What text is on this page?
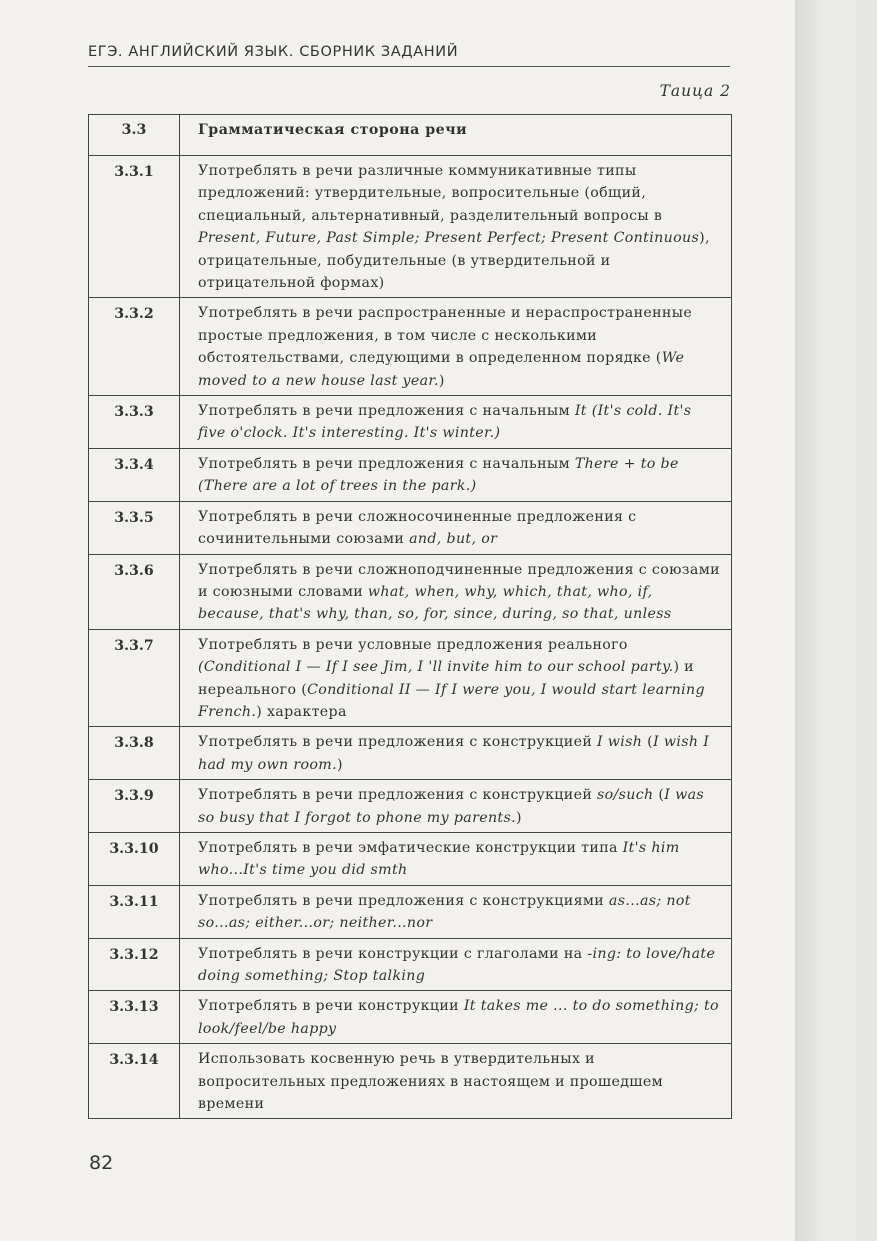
ЕГЭ. АНГЛИЙСКИЙ ЯЗЫК. СБОРНИК ЗАДАНИЙ
Таица 2
3.3	Грамматическая сторона речи
3.3.1	Употреблять в речи различные коммуникативные типы предложений: утвердительные, вопросительные (общий, специальный, альтернативный, разделительный вопросы в Present, Future, Past Simple; Present Perfect; Present Continuous), отрицательные, побудительные (в утвердительной и отрицательной формах)
3.3.2	Употреблять в речи распространенные и нераспространенные простые предложения, в том числе с несколькими обстоятельствами, следующими в определенном порядке (We moved to a new house last year.)
3.3.3	Употреблять в речи предложения с начальным It (It's cold. It's five o'clock. It's interesting. It's winter.)
3.3.4	Употреблять в речи предложения с начальным There + to be (There are a lot of trees in the park.)
3.3.5	Употреблять в речи сложносочиненные предложения с сочинительными союзами and, but, or
3.3.6	Употреблять в речи сложноподчиненные предложения с союзами и союзными словами what, when, why, which, that, who, if, because, that's why, than, so, for, since, during, so that, unless
3.3.7	Употреблять в речи условные предложения реального (Conditional I — If I see Jim, I 'll invite him to our school party.) и нереального (Conditional II — If I were you, I would start learning French.) характера
3.3.8	Употреблять в речи предложения с конструкцией I wish (I wish I had my own room.)
3.3.9	Употреблять в речи предложения с конструкцией so/such (I was so busy that I forgot to phone my parents.)
3.3.10	Употреблять в речи эмфатические конструкции типа It's him who...It's time you did smth
3.3.11	Употреблять в речи предложения с конструкциями as...as; not so...as; either...or; neither...nor
3.3.12	Употреблять в речи конструкции с глаголами на -ing: to love/hate doing something; Stop talking
3.3.13	Употреблять в речи конструкции It takes me ... to do something; to look/feel/be happy
3.3.14	Использовать косвенную речь в утвердительных и вопросительных предложениях в настоящем и прошедшем времени
82
